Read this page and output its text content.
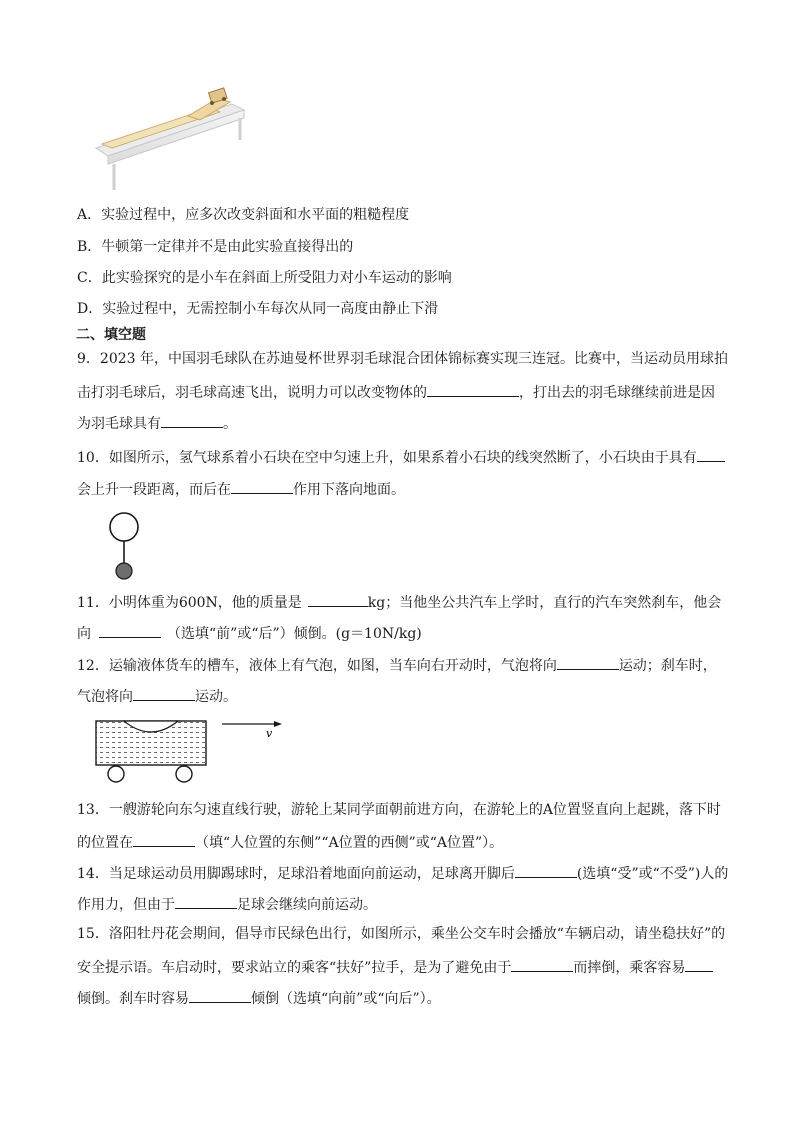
A．实验过程中，应多次改变斜面和水平面的粗糙程度
B．牛顿第一定律并不是由此实验直接得出的
C．此实验探究的是小车在斜面上所受阻力对小车运动的影响
D．实验过程中，无需控制小车每次从同一高度由静止下滑
二、填空题
9．2023 年，中国羽毛球队在苏迪曼杯世界羽毛球混合团体锦标赛实现三连冠。比赛中，当运动员用球拍
击打羽毛球后，羽毛球高速飞出，说明力可以改变物体的	，打出去的羽毛球继续前进是因
为羽毛球具有	。
10．如图所示，氢气球系着小石块在空中匀速上升，如果系着小石块的线突然断了，小石块由于具有
会上升一段距离，而后在	作用下落向地面。
11．小明体重为600N，他的质量是	kg；当他坐公共汽车上学时，直行的汽车突然刹车，他会
向	（选填“前”或“后”）倾倒。(g＝10N/kg)
12．运输液体货车的槽车，液体上有气泡，如图，当车向右开动时，气泡将向	运动；刹车时，
气泡将向	运动。
v
13．一艘游轮向东匀速直线行驶，游轮上某同学面朝前进方向，在游轮上的A位置竖直向上起跳，落下时
的位置在	（填“人位置的东侧”“A位置的西侧”或“A位置”）。
14．当足球运动员用脚踢球时，足球沿着地面向前运动，足球离开脚后	(选填“受”或“不受”)人的
作用力，但由于	足球会继续向前运动。
15．洛阳牡丹花会期间，倡导市民绿色出行，如图所示，乘坐公交车时会播放“车辆启动，请坐稳扶好”的
安全提示语。车启动时，要求站立的乘客“扶好”拉手，是为了避免由于	而摔倒，乘客容易
倾倒。刹车时容易	倾倒（选填“向前”或“向后”）。
